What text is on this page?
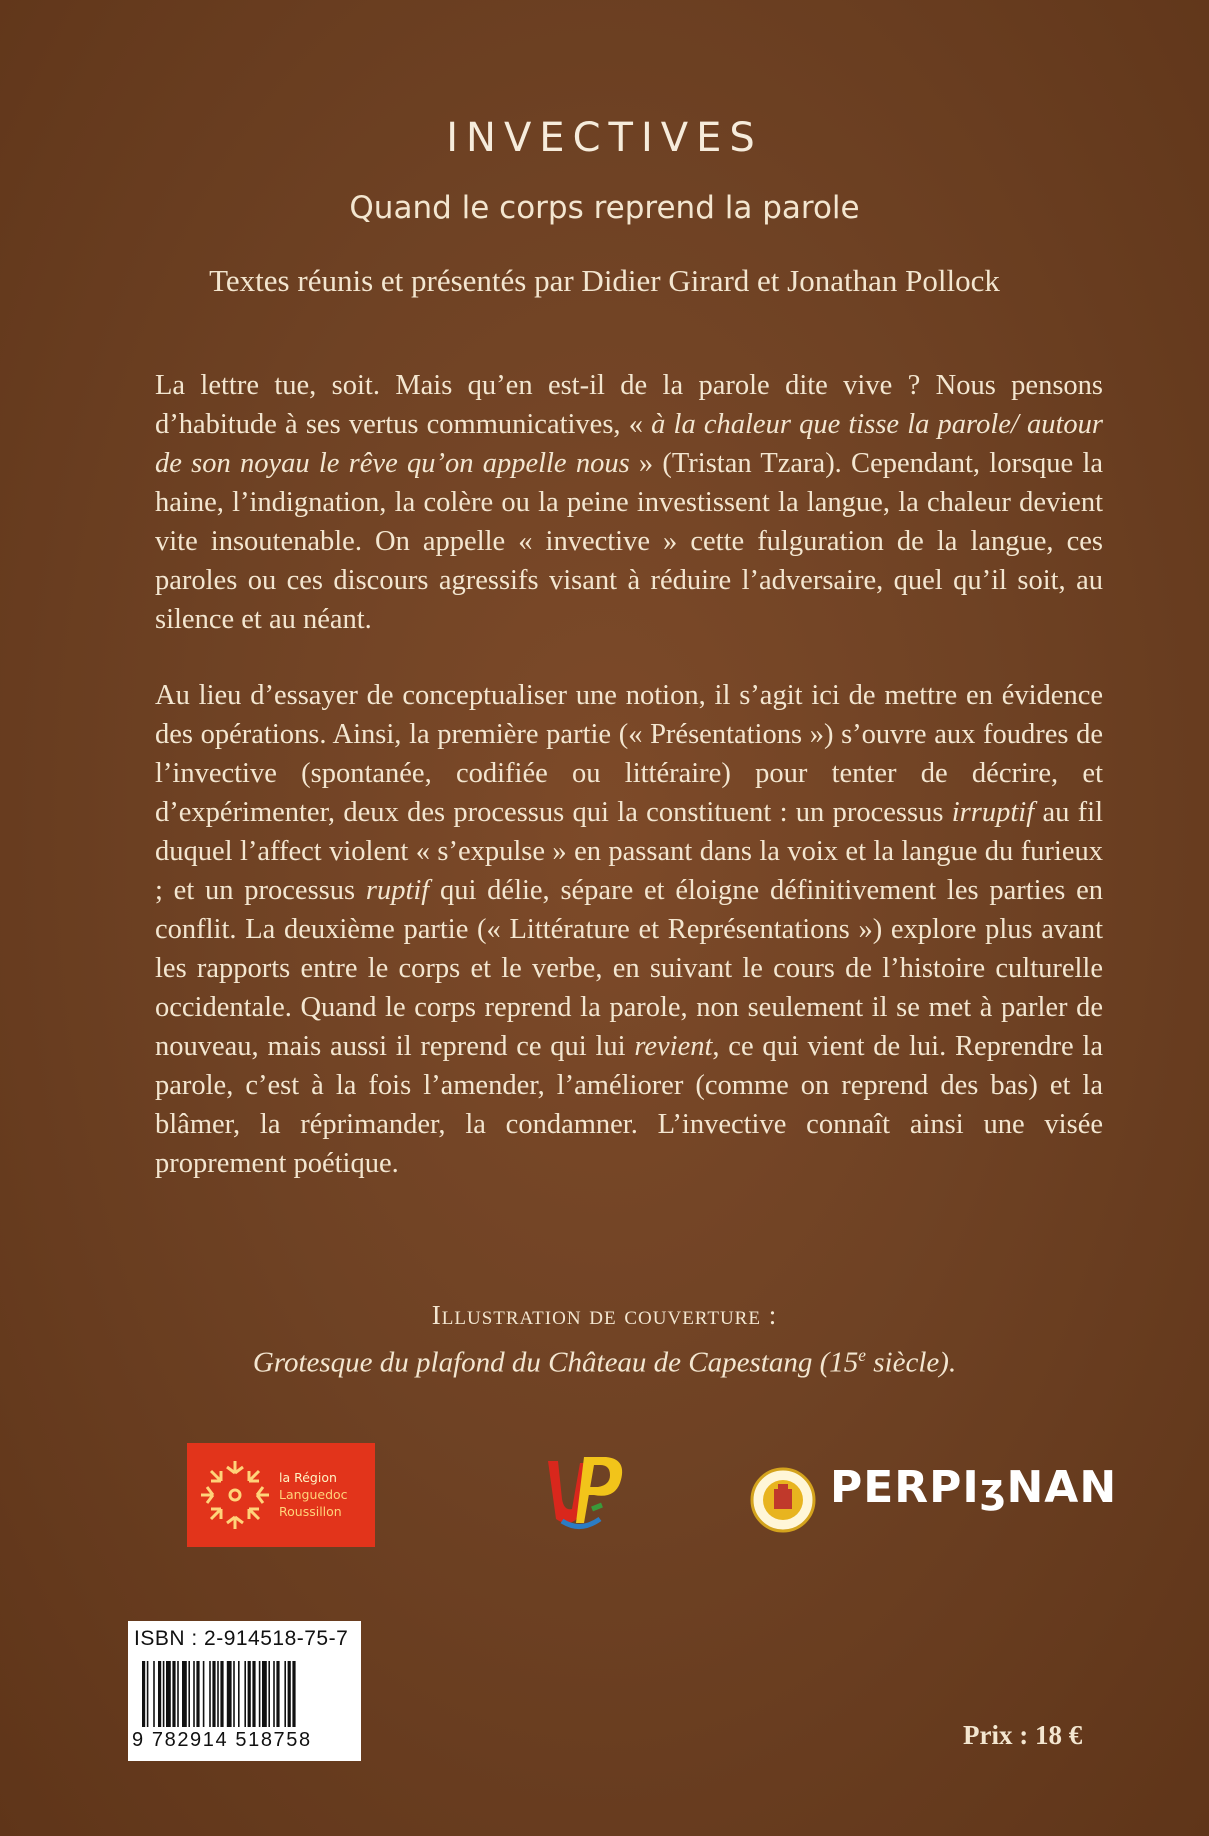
INVECTIVES
Quand le corps reprend la parole
Textes réunis et présentés par Didier Girard et Jonathan Pollock

La lettre tue, soit. Mais qu’en est-il de la parole dite vive ? Nous pensons d’habitude à ses vertus communicatives, « à la chaleur que tisse la parole/ autour de son noyau le rêve qu’on appelle nous » (Tristan Tzara). Cependant, lorsque la haine, l’indignation, la colère ou la peine investissent la langue, la chaleur devient vite insoutenable. On appelle « invective » cette fulguration de la langue, ces paroles ou ces discours agressifs visant à réduire l’adversaire, quel qu’il soit, au silence et au néant.

Au lieu d’essayer de conceptualiser une notion, il s’agit ici de mettre en évidence des opérations. Ainsi, la première partie (« Présentations ») s’ouvre aux foudres de l’invective (spontanée, codifiée ou littéraire) pour tenter de décrire, et d’expérimenter, deux des processus qui la constituent : un processus irruptif au fil duquel l’affect violent « s’expulse » en passant dans la voix et la langue du furieux ; et un processus ruptif qui délie, sépare et éloigne définitivement les parties en conflit. La deuxième partie (« Littérature et Représentations ») explore plus avant les rapports entre le corps et le verbe, en suivant le cours de l’histoire culturelle occidentale. Quand le corps reprend la parole, non seulement il se met à parler de nouveau, mais aussi il reprend ce qui lui revient, ce qui vient de lui. Reprendre la parole, c’est à la fois l’amender, l’améliorer (comme on reprend des bas) et la blâmer, la réprimander, la condamner. L’invective connaît ainsi une visée proprement poétique.

Illustration de couverture :
Grotesque du plafond du Château de Capestang (15e siècle).
la Région
Languedoc
Roussillon	PERPIʒNAN
ISBN : 2-914518-75-7
9 782914 518758	Prix : 18 €
